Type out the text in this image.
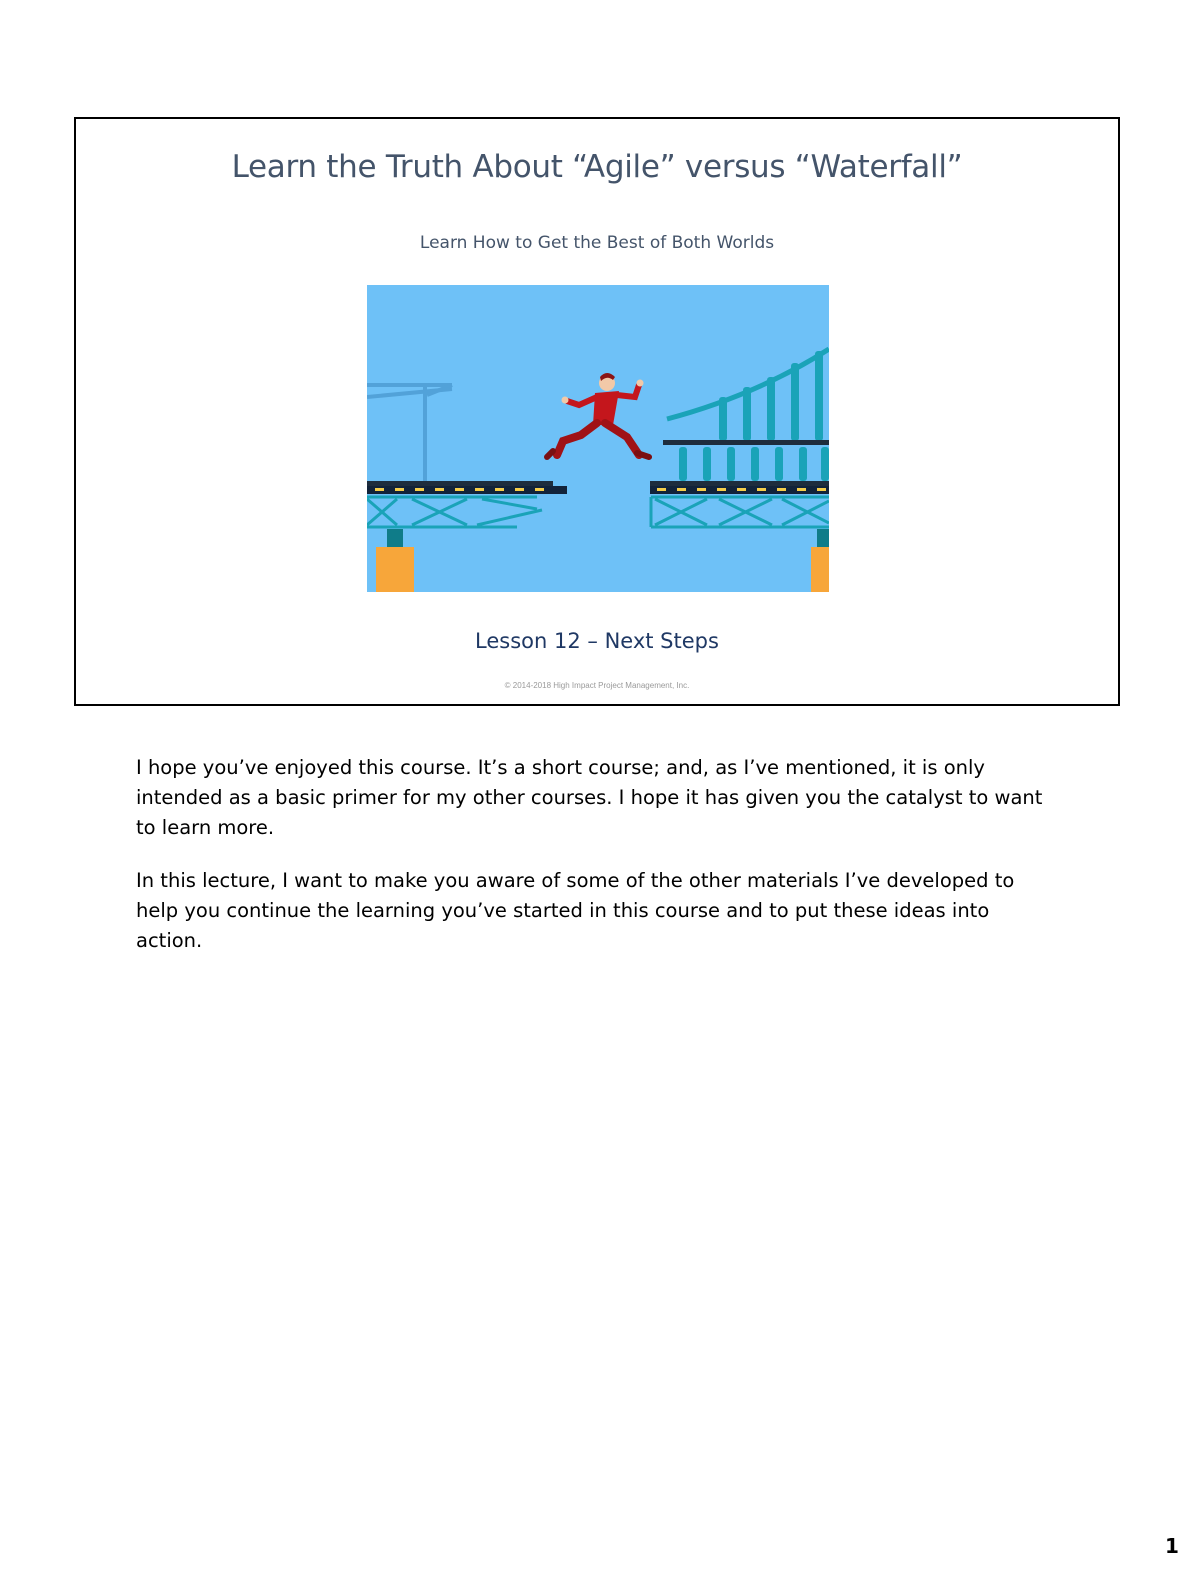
Learn the Truth About “Agile” versus “Waterfall”
Learn How to Get the Best of Both Worlds
Lesson 12 – Next Steps
© 2014-2018 High Impact Project Management, Inc.

I hope you’ve enjoyed this course. It’s a short course; and, as I’ve mentioned, it is only intended as a basic primer for my other courses. I hope it has given you the catalyst to want to learn more.

In this lecture, I want to make you aware of some of the other materials I’ve developed to help you continue the learning you’ve started in this course and to put these ideas into action.

1
